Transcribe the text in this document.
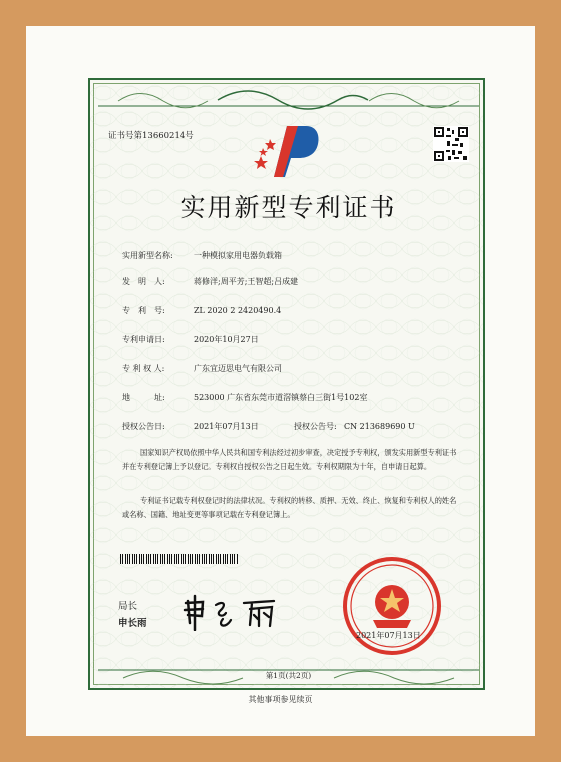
证书号第13660214号
实用新型专利证书
实用新型名称:	一种模拟家用电器负载箱
发　明　人:	蒋修洋;周平芳;王智超;吕成建
专　利　号:	ZL 2020 2 2420490.4
专利申请日:	2020年10月27日
专 利 权 人:	广东宜迈思电气有限公司
地　　　址:	523000 广东省东莞市道滘镇蔡白三街1号102室
授权公告日:	2021年07月13日	授权公告号: CN 213689690 U
国家知识产权局依照中华人民共和国专利法经过初步审查，决定授予专利权，颁发实用新型专利证书并在专利登记簿上予以登记。专利权自授权公告之日起生效。专利权期限为十年，自申请日起算。
专利证书记载专利权登记时的法律状况。专利权的转移、质押、无效、终止、恢复和专利权人的姓名或名称、国籍、地址变更等事项记载在专利登记簿上。
局长
申长雨
2021年07月13日
第1页(共2页)
其他事项参见续页
